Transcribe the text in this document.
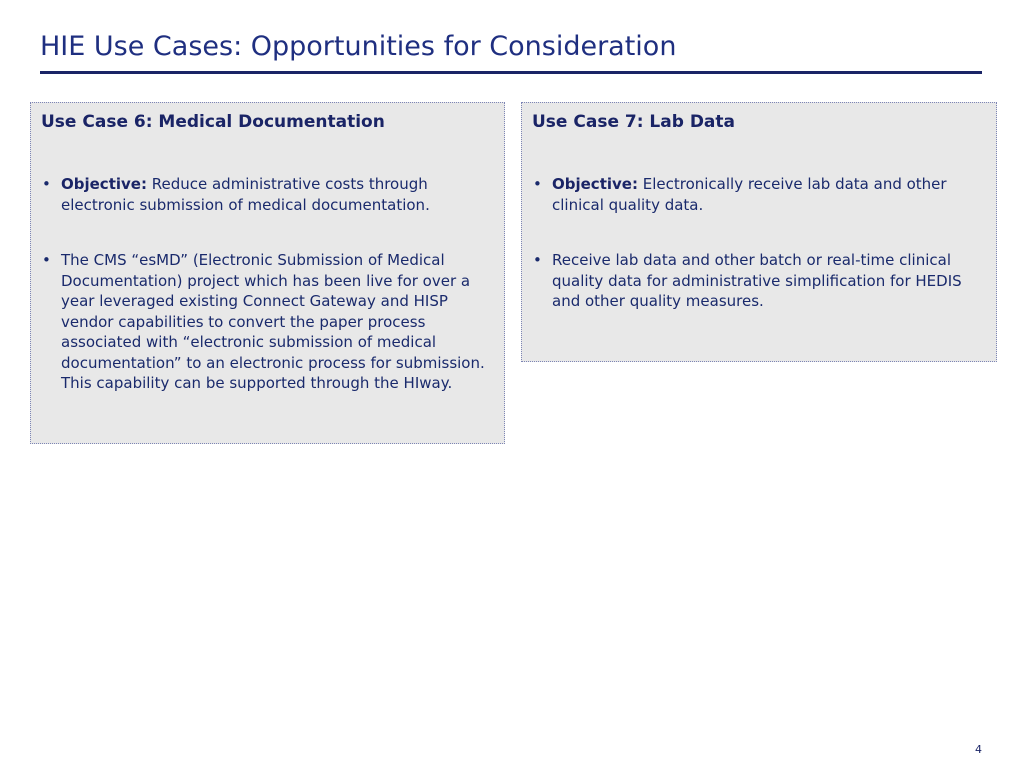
HIE Use Cases: Opportunities for Consideration
Use Case 6: Medical Documentation
• Objective: Reduce administrative costs through electronic submission of medical documentation.
• The CMS “esMD” (Electronic Submission of Medical Documentation) project which has been live for over a year leveraged existing Connect Gateway and HISP vendor capabilities to convert the paper process associated with “electronic submission of medical documentation” to an electronic process for submission. This capability can be supported through the HIway.
Use Case 7: Lab Data
• Objective: Electronically receive lab data and other clinical quality data.
• Receive lab data and other batch or real-time clinical quality data for administrative simplification for HEDIS and other quality measures.
4
